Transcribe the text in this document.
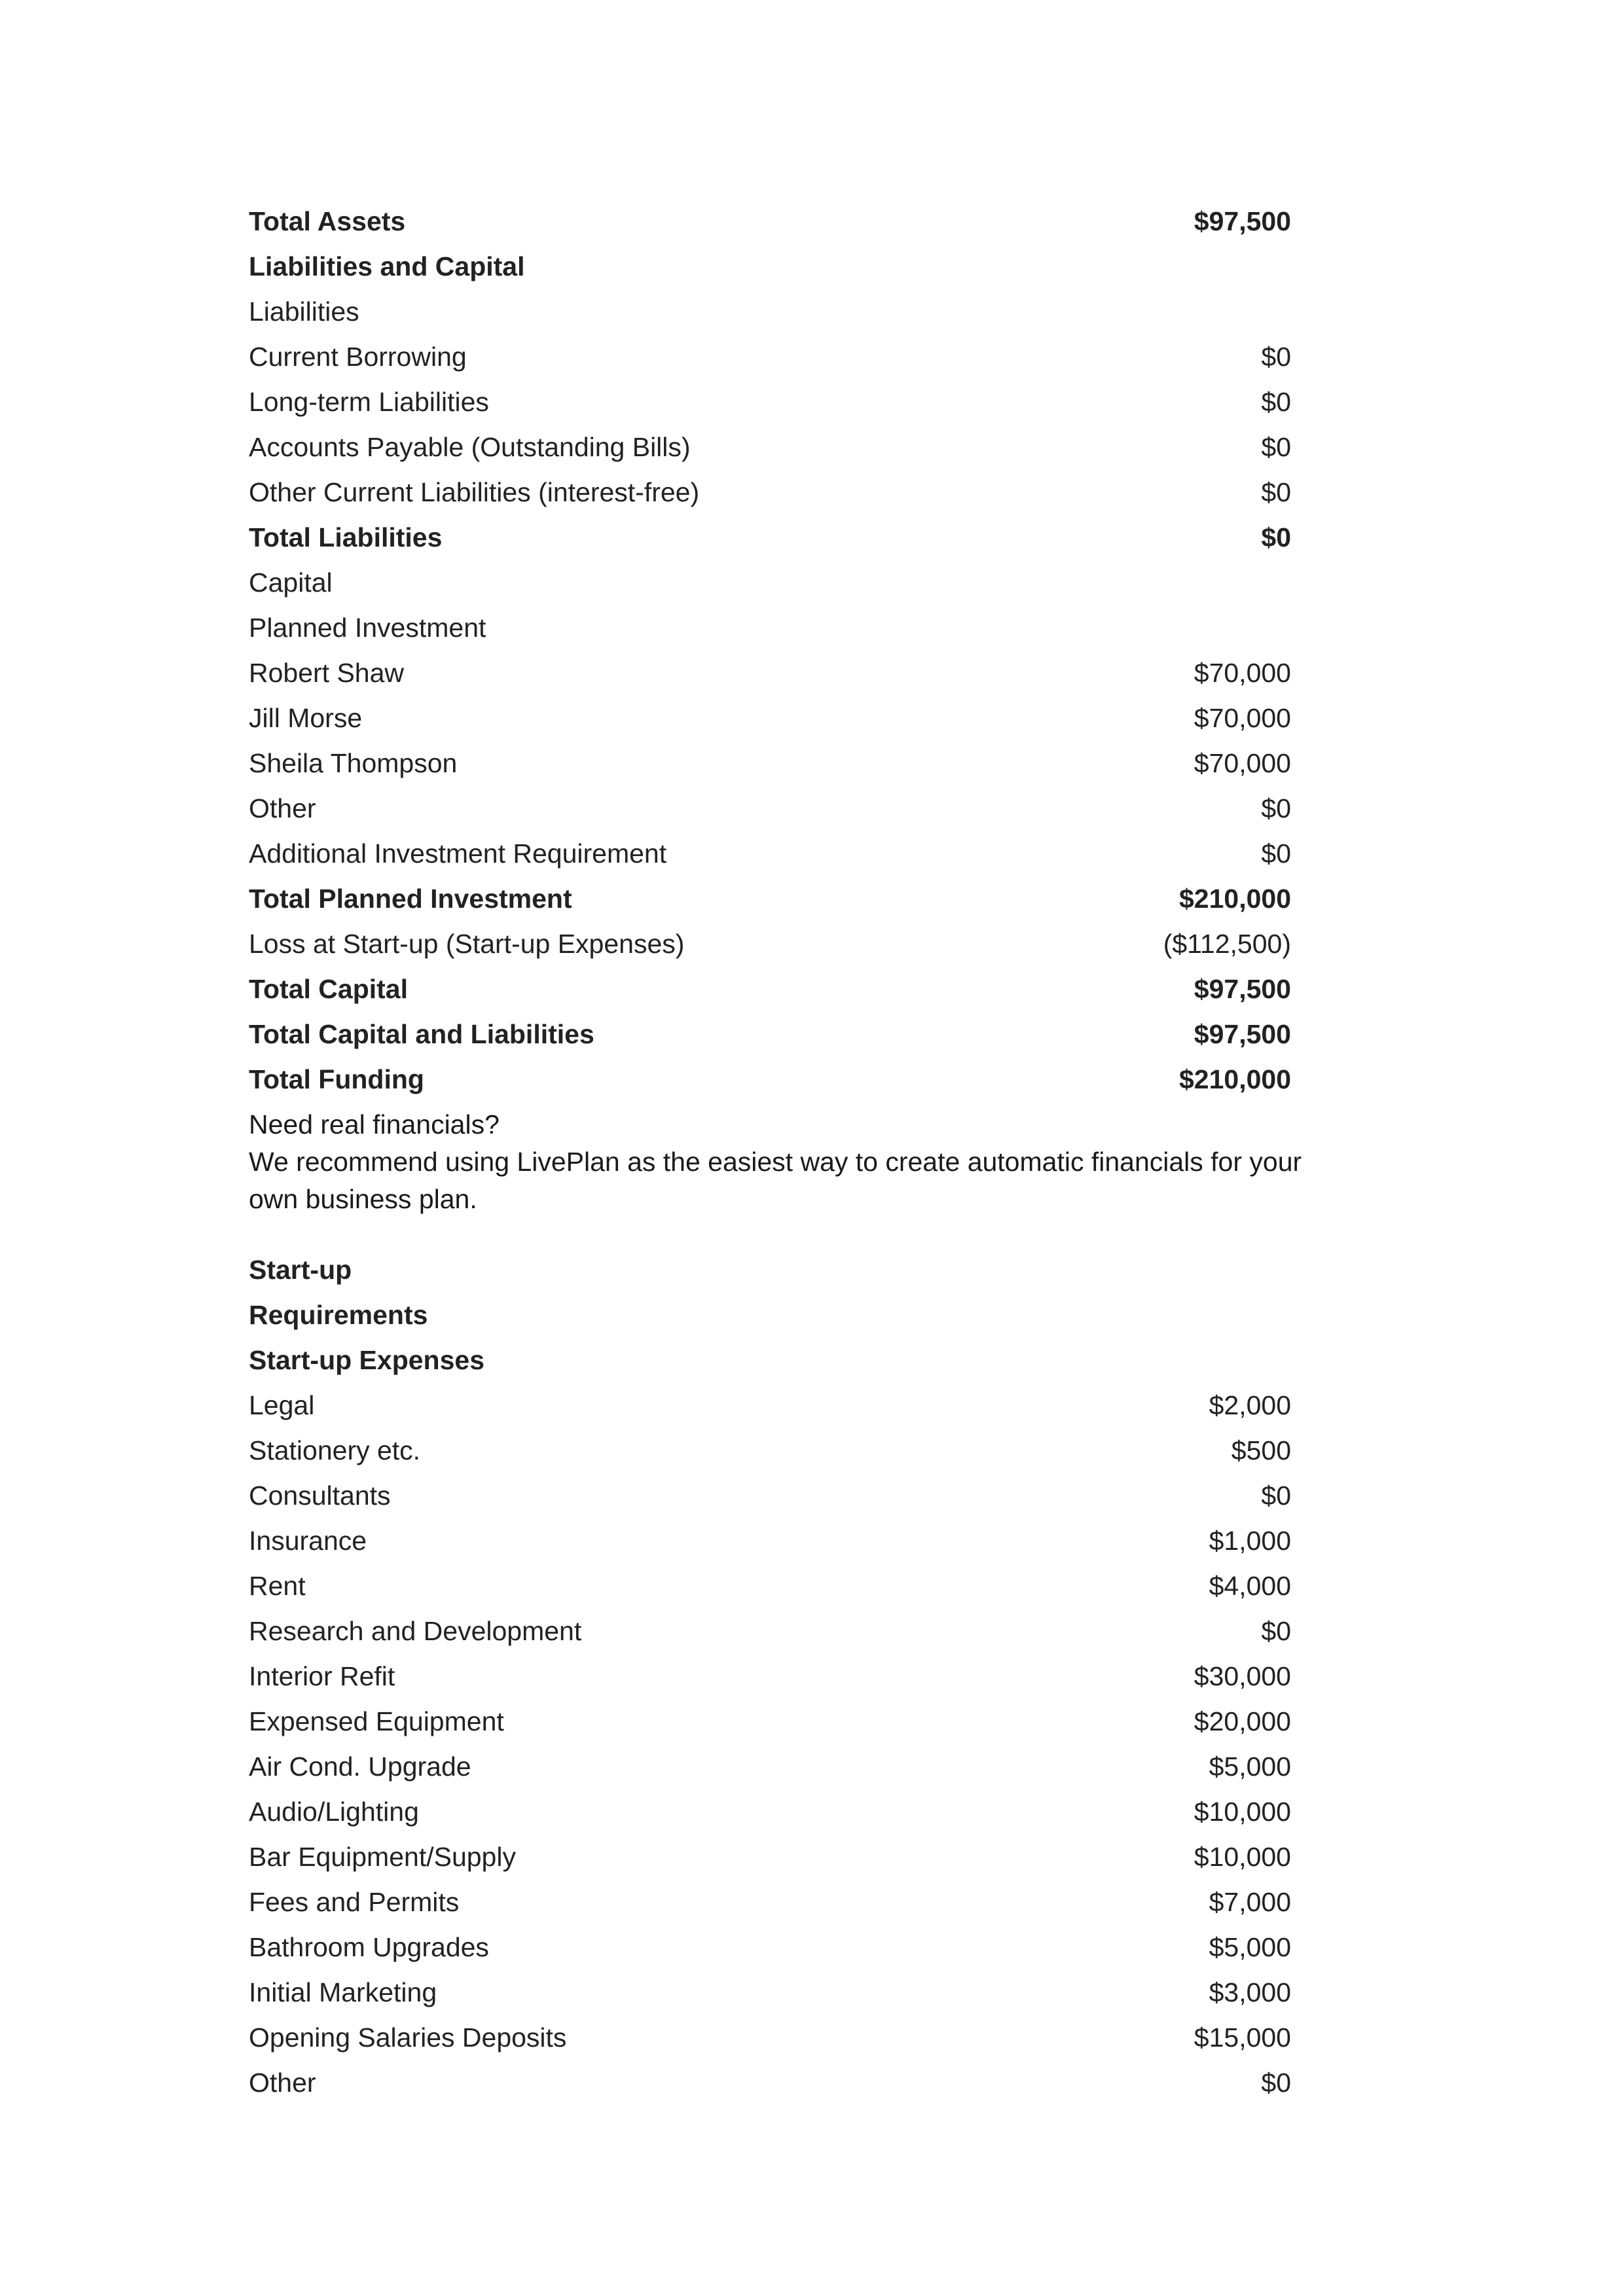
Total Assets	$97,500
Liabilities and Capital
Liabilities
Current Borrowing	$0
Long-term Liabilities	$0
Accounts Payable (Outstanding Bills)	$0
Other Current Liabilities (interest-free)	$0
Total Liabilities	$0
Capital
Planned Investment
Robert Shaw	$70,000
Jill Morse	$70,000
Sheila Thompson	$70,000
Other	$0
Additional Investment Requirement	$0
Total Planned Investment	$210,000
Loss at Start-up (Start-up Expenses)	($112,500)
Total Capital	$97,500
Total Capital and Liabilities	$97,500
Total Funding	$210,000

Need real financials?

We recommend using LivePlan as the easiest way to create automatic financials for your own business plan.

Start-up
Requirements
Start-up Expenses
Legal	$2,000
Stationery etc.	$500
Consultants	$0
Insurance	$1,000
Rent	$4,000
Research and Development	$0
Interior Refit	$30,000
Expensed Equipment	$20,000
Air Cond. Upgrade	$5,000
Audio/Lighting	$10,000
Bar Equipment/Supply	$10,000
Fees and Permits	$7,000
Bathroom Upgrades	$5,000
Initial Marketing	$3,000
Opening Salaries Deposits	$15,000
Other	$0
